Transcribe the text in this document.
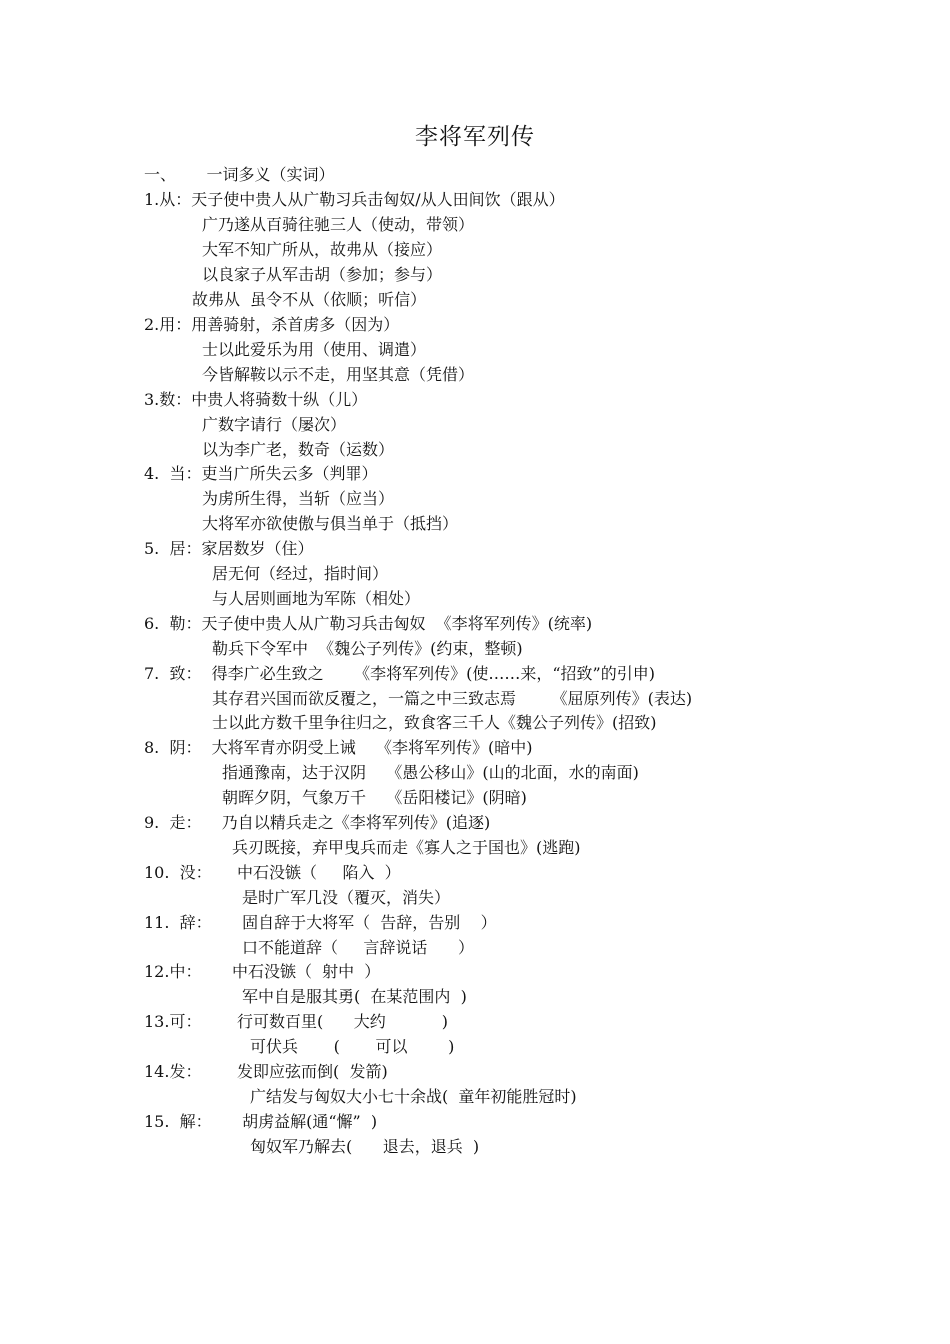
李将军列传
一、      一词多义（实词）
1.从：天子使中贵人从广勒习兵击匈奴/从人田间饮（跟从）
广乃遂从百骑往驰三人（使动，带领）
大军不知广所从，故弗从（接应）
以良家子从军击胡（参加；参与）
故弗从  虽令不从（依顺；听信）
2.用：用善骑射，杀首虏多（因为）
士以此爱乐为用（使用、调遣）
今皆解鞍以示不走，用坚其意（凭借）
3.数：中贵人将骑数十纵（儿）
广数字请行（屡次）
以为李广老，数奇（运数）
4.  当：吏当广所失云多（判罪）
为虏所生得，当斩（应当）
大将军亦欲使傲与俱当单于（抵挡）
5.  居：家居数岁（住）
居无何（经过，指时间）
与人居则画地为军陈（相处）
6.  勒：天子使中贵人从广勒习兵击匈奴  《李将军列传》(统率)
勒兵下令军中  《魏公子列传》(约束，整顿)
7.  致：  得李广必生致之      《李将军列传》(使……来，“招致”的引申)
其存君兴国而欲反覆之，一篇之中三致志焉       《屈原列传》(表达)
士以此方数千里争往归之，致食客三千人《魏公子列传》(招致)
8.  阴：  大将军青亦阴受上诫    《李将军列传》(暗中)
指通豫南，达于汉阴    《愚公移山》(山的北面，水的南面)
朝晖夕阴，气象万千    《岳阳楼记》(阴暗)
9.  走：    乃自以精兵走之《李将军列传》(追逐)
兵刃既接，弃甲曳兵而走《寡人之于国也》(逃跑)
10.  没：     中石没镞（     陷入  ）
是时广军几没（覆灭，消失）
11.  辞：      固自辞于大将军（  告辞，告别    ）
口不能道辞（     言辞说话      ）
12.中：      中石没镞（  射中  ）
军中自是服其勇(  在某范围内  )
13.可：       行可数百里(      大约           )
可伏兵       (       可以        )
14.发：       发即应弦而倒(  发箭)
广结发与匈奴大小七十余战(  童年初能胜冠时)
15.  解：      胡虏益解(通“懈”  )
匈奴军乃解去(      退去，退兵  )
